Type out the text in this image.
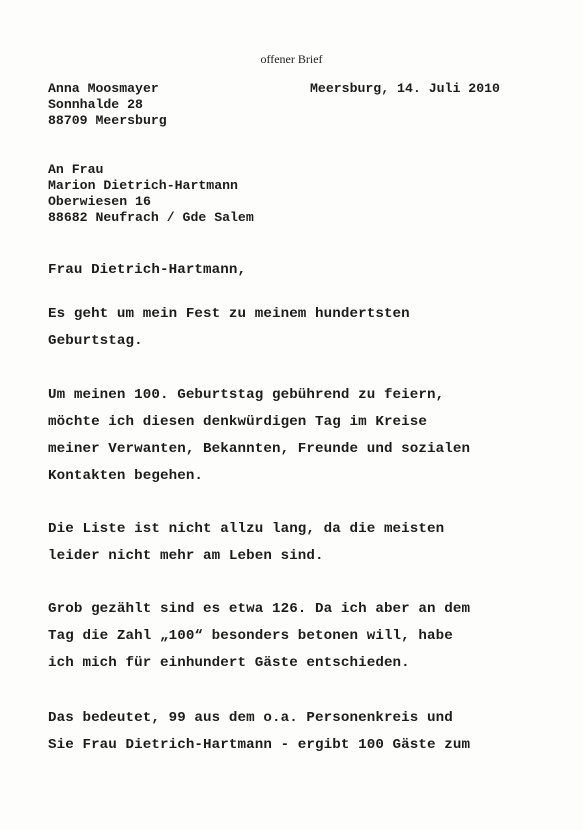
offener Brief
Anna Moosmayer
Sonnhalde 28
88709 Meersburg
Meersburg, 14. Juli 2010
An Frau
Marion Dietrich-Hartmann
Oberwiesen 16
88682 Neufrach / Gde Salem
Frau Dietrich-Hartmann,
Es geht um mein Fest zu meinem hundertsten
Geburtstag.
Um meinen 100. Geburtstag gebührend zu feiern,
möchte ich diesen denkwürdigen Tag im Kreise
meiner Verwanten, Bekannten, Freunde und sozialen
Kontakten begehen.
Die Liste ist nicht allzu lang, da die meisten
leider nicht mehr am Leben sind.
Grob gezählt sind es etwa 126. Da ich aber an dem
Tag die Zahl „100“ besonders betonen will, habe
ich mich für einhundert Gäste entschieden.
Das bedeutet, 99 aus dem o.a. Personenkreis und
Sie Frau Dietrich-Hartmann - ergibt 100 Gäste zum
